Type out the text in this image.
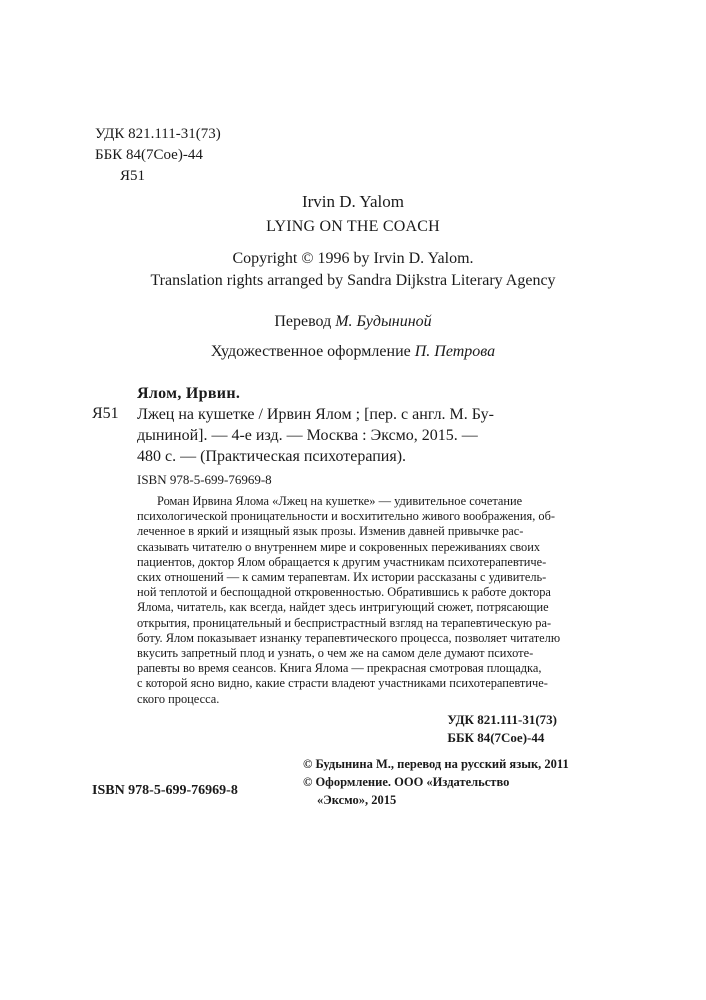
УДК 821.111-31(73)
ББК 84(7Сое)-44
Я51
Irvin D. Yalom
LYING ON THE COACH
Copyright © 1996 by Irvin D. Yalom.
Translation rights arranged by Sandra Dijkstra Literary Agency
Перевод М. Будыниной
Художественное оформление П. Петрова
Ялом, Ирвин.
Я51 Лжец на кушетке / Ирвин Ялом ; [пер. с англ. М. Бу-
дыниной]. — 4-е изд. — Москва : Эксмо, 2015. —
480 с. — (Практическая психотерапия).
ISBN 978-5-699-76969-8
Роман Ирвина Ялома «Лжец на кушетке» — удивительное сочетание
психологической проницательности и восхитительно живого воображения, об-
леченное в яркий и изящный язык прозы. Изменив давней привычке рас-
сказывать читателю о внутреннем мире и сокровенных переживаниях своих
пациентов, доктор Ялом обращается к другим участникам психотерапевтиче-
ских отношений — к самим терапевтам. Их истории рассказаны с удивитель-
ной теплотой и беспощадной откровенностью. Обратившись к работе доктора
Ялома, читатель, как всегда, найдет здесь интригующий сюжет, потрясающие
открытия, проницательный и беспристрастный взгляд на терапевтическую ра-
боту. Ялом показывает изнанку терапевтического процесса, позволяет читателю
вкусить запретный плод и узнать, о чем же на самом деле думают психоте-
рапевты во время сеансов. Книга Ялома — прекрасная смотровая площадка,
с которой ясно видно, какие страсти владеют участниками психотерапевтиче-
ского процесса.
УДК 821.111-31(73)
ББК 84(7Сое)-44
© Будынина М., перевод на русский язык, 2011
© Оформление. ООО «Издательство
«Эксмо», 2015
ISBN 978-5-699-76969-8
